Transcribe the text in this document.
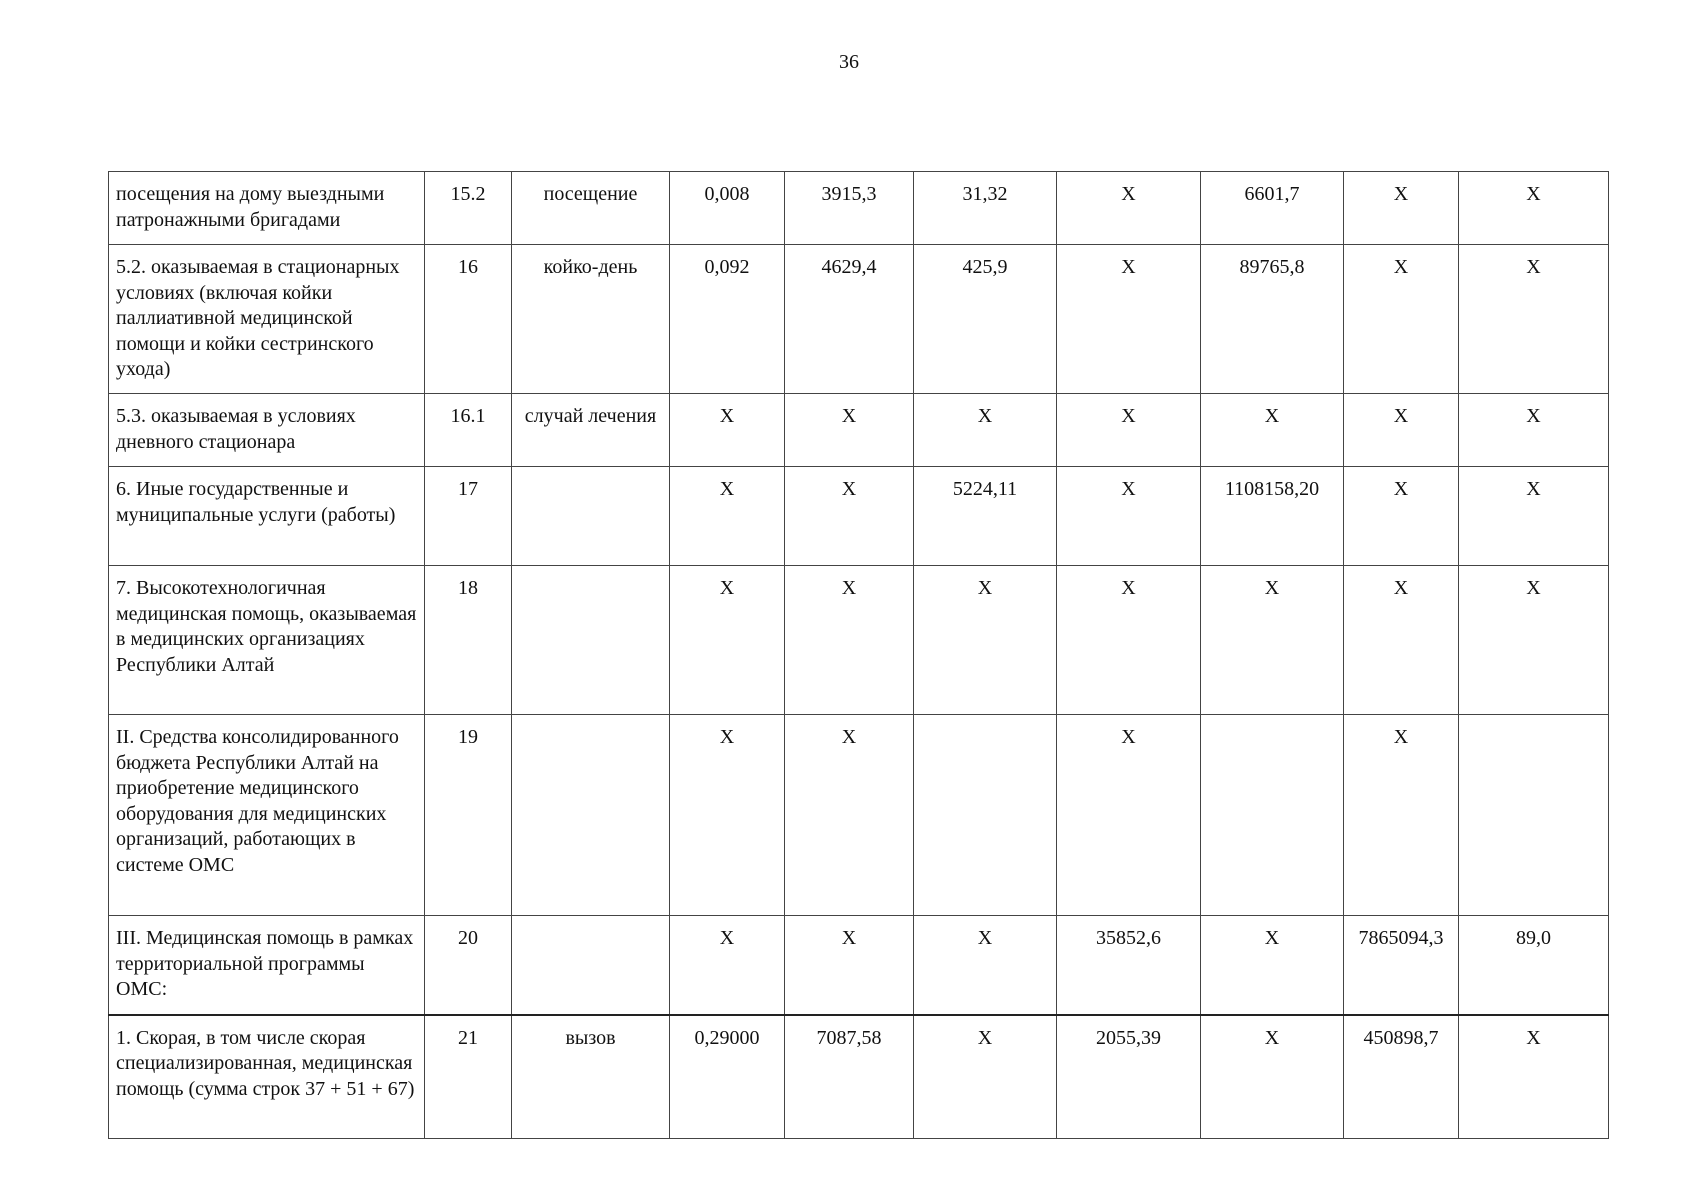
36
посещения на дому выездными патронажными бригадами	15.2	посещение	0,008	3915,3	31,32	X	6601,7	X	X
5.2. оказываемая в стационарных условиях (включая койки паллиативной медицинской помощи и койки сестринского ухода)	16	койко-день	0,092	4629,4	425,9	X	89765,8	X	X
5.3. оказываемая в условиях дневного стационара	16.1	случай лечения	X	X	X	X	X	X	X
6. Иные государственные и муниципальные услуги (работы)	17		X	X	5224,11	X	1108158,20	X	X
7. Высокотехнологичная медицинская помощь, оказываемая в медицинских организациях Республики Алтай	18		X	X	X	X	X	X	X
II. Средства консолидированного бюджета Республики Алтай на приобретение медицинского оборудования для медицинских организаций, работающих в системе ОМС	19		X	X		X		X	
III. Медицинская помощь в рамках территориальной программы ОМС:	20		X	X	X	35852,6	X	7865094,3	89,0
1. Скорая, в том числе скорая специализированная, медицинская помощь (сумма строк 37 + 51 + 67)	21	вызов	0,29000	7087,58	X	2055,39	X	450898,7	X
